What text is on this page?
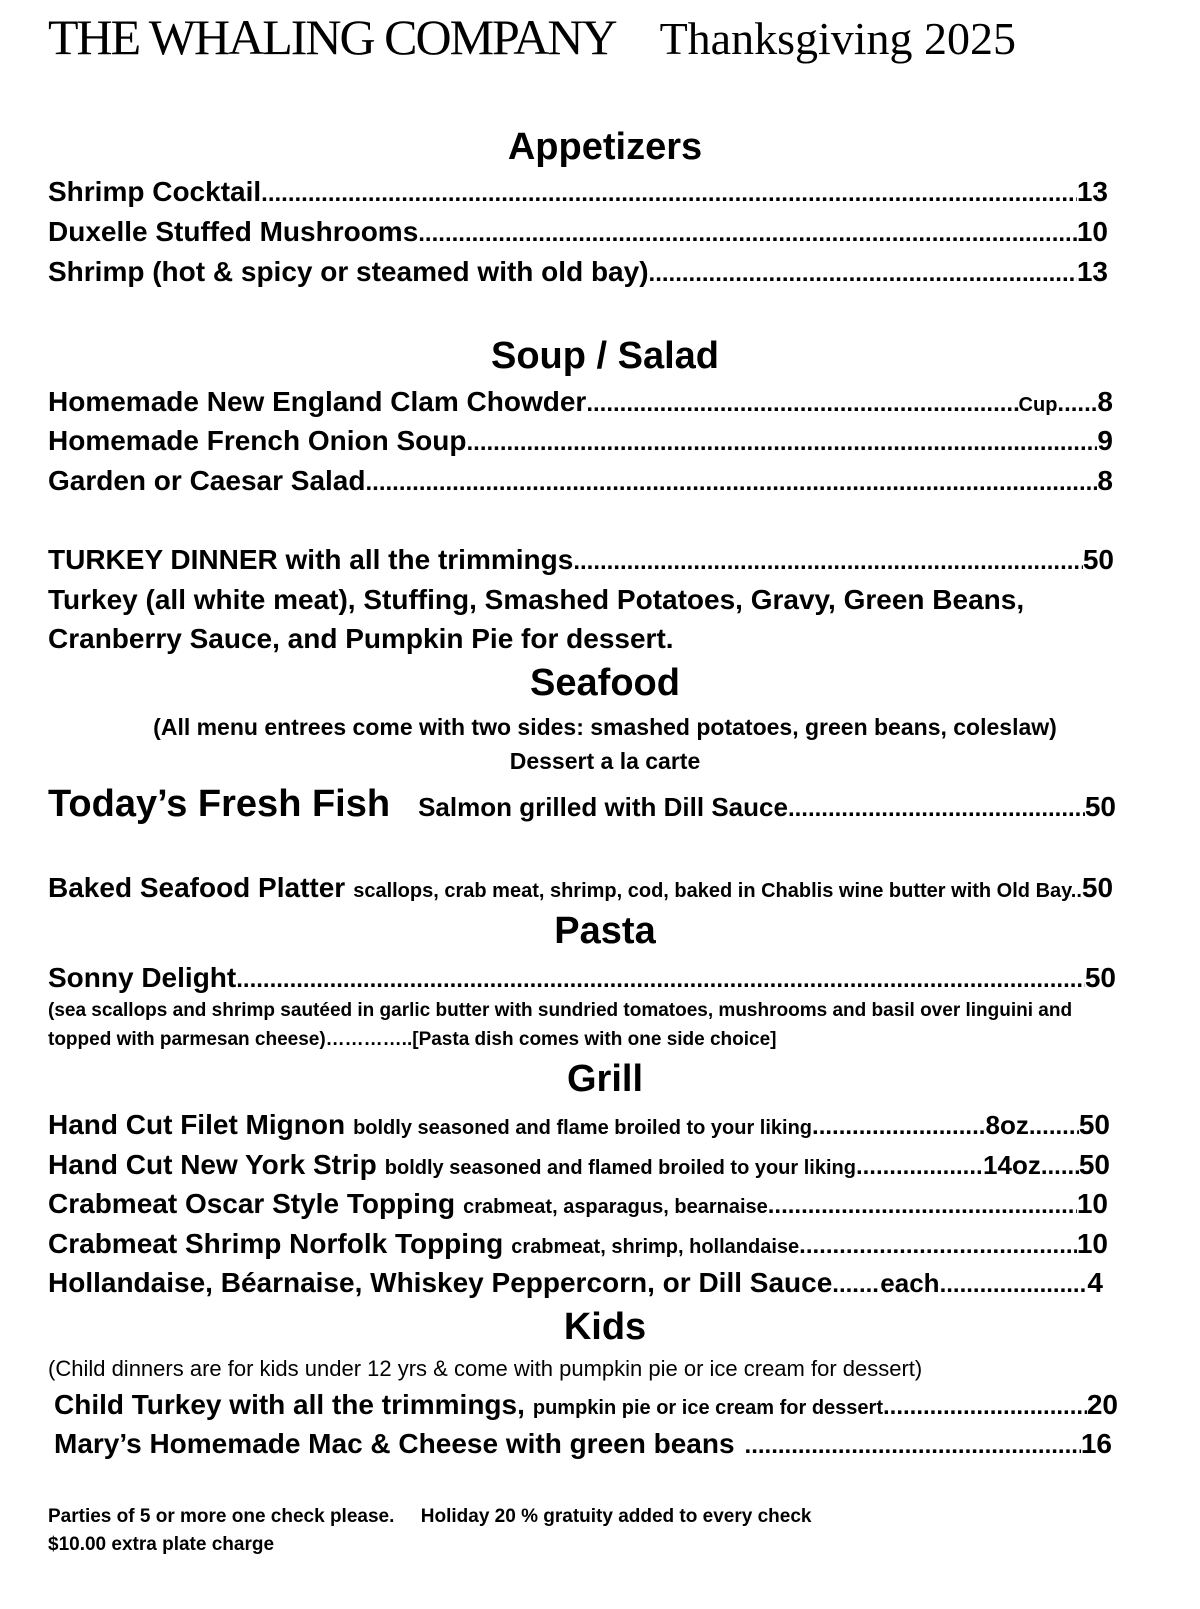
THE WHALING COMPANY Thanksgiving 2025
Appetizers
Shrimp Cocktail .....	13
Duxelle Stuffed Mushrooms .....	10
Shrimp (hot & spicy or steamed with old bay) .....	13
Soup / Salad
Homemade New England Clam Chowder .....	Cup ..... 8
Homemade French Onion Soup .....	9
Garden or Caesar Salad .....	8
TURKEY DINNER with all the trimmings .....	50
Turkey (all white meat), Stuffing, Smashed Potatoes, Gravy, Green Beans,
Cranberry Sauce, and Pumpkin Pie for dessert.
Seafood
(All menu entrees come with two sides: smashed potatoes, green beans, coleslaw)
Dessert a la carte
Today’s Fresh Fish Salmon grilled with Dill Sauce .....	50
Baked Seafood Platter scallops, crab meat, shrimp, cod, baked in Chablis wine butter with Old Bay.. 50
Pasta
Sonny Delight .....	50
(sea scallops and shrimp sautéed in garlic butter with sundried tomatoes, mushrooms and basil over linguini and
topped with parmesan cheese)…………..[Pasta dish comes with one side choice]
Grill
Hand Cut Filet Mignon boldly seasoned and flame broiled to your liking .....	8oz ..... 50
Hand Cut New York Strip boldly seasoned and flamed broiled to your liking .....	14oz ..... 50
Crabmeat Oscar Style Topping crabmeat, asparagus, bearnaise .....	10
Crabmeat Shrimp Norfolk Topping crabmeat, shrimp, hollandaise .....	10
Hollandaise, Béarnaise, Whiskey Peppercorn, or Dill Sauce ..... each .....	4
Kids
(Child dinners are for kids under 12 yrs & come with pumpkin pie or ice cream for dessert)
Child Turkey with all the trimmings, pumpkin pie or ice cream for dessert .....	20
Mary’s Homemade Mac & Cheese with green beans .....	16
Parties of 5 or more one check please.     Holiday 20 % gratuity added to every check
$10.00 extra plate charge
